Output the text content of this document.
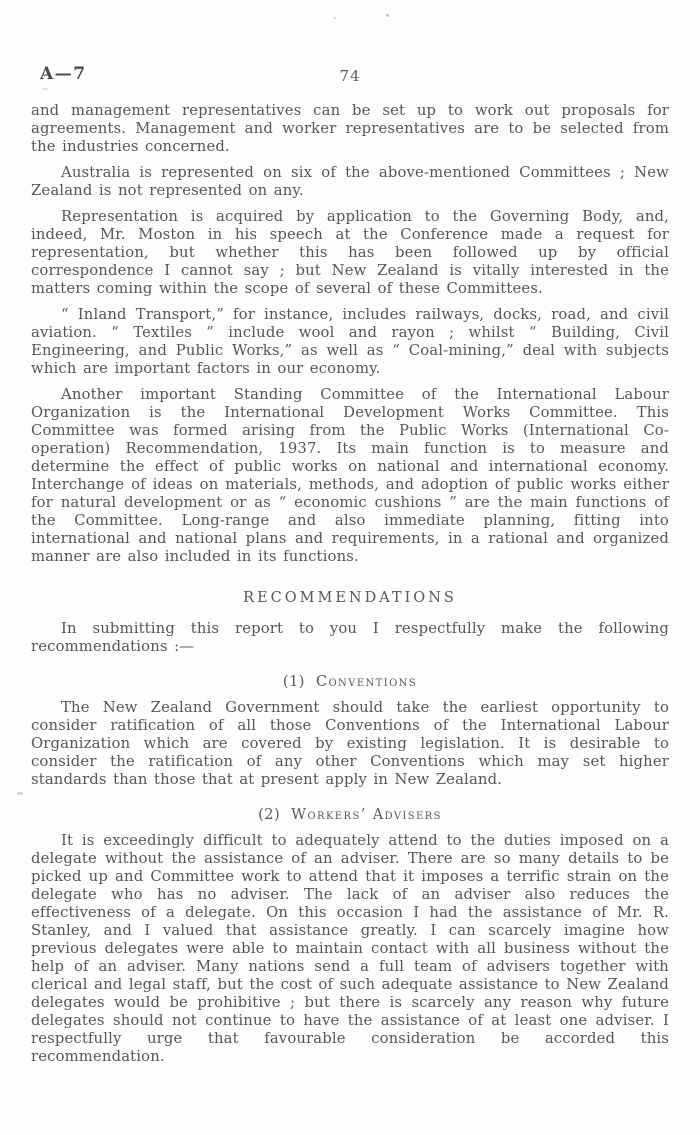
A—7	74

and management representatives can be set up to work out proposals for agreements. Management and worker representatives are to be selected from the industries concerned.

Australia is represented on six of the above-mentioned Committees ; New Zealand is not represented on any.

Representation is acquired by application to the Governing Body, and, indeed, Mr. Moston in his speech at the Conference made a request for representation, but whether this has been followed up by official correspondence I cannot say ; but New Zealand is vitally interested in the matters coming within the scope of several of these Committees.

“ Inland Transport,” for instance, includes railways, docks, road, and civil aviation. “ Textiles ” include wool and rayon ; whilst “ Building, Civil Engineering, and Public Works,” as well as “ Coal-mining,” deal with subjects which are important factors in our economy.

Another important Standing Committee of the International Labour Organization is the International Development Works Committee. This Committee was formed arising from the Public Works (International Co-operation) Recommendation, 1937. Its main function is to measure and determine the effect of public works on national and international economy. Interchange of ideas on materials, methods, and adoption of public works either for natural development or as “ economic cushions ” are the main functions of the Committee. Long-range and also immediate planning, fitting into international and national plans and requirements, in a rational and organized manner are also included in its functions.

RECOMMENDATIONS

In submitting this report to you I respectfully make the following recommendations :—

(1) Conventions

The New Zealand Government should take the earliest opportunity to consider ratification of all those Conventions of the International Labour Organization which are covered by existing legislation. It is desirable to consider the ratification of any other Conventions which may set higher standards than those that at present apply in New Zealand.

(2) Workers’ Advisers

It is exceedingly difficult to adequately attend to the duties imposed on a delegate without the assistance of an adviser. There are so many details to be picked up and Committee work to attend that it imposes a terrific strain on the delegate who has no adviser. The lack of an adviser also reduces the effectiveness of a delegate. On this occasion I had the assistance of Mr. R. Stanley, and I valued that assistance greatly. I can scarcely imagine how previous delegates were able to maintain contact with all business without the help of an adviser. Many nations send a full team of advisers together with clerical and legal staff, but the cost of such adequate assistance to New Zealand delegates would be prohibitive ; but there is scarcely any reason why future delegates should not continue to have the assistance of at least one adviser. I respectfully urge that favourable consideration be accorded this recommendation.
